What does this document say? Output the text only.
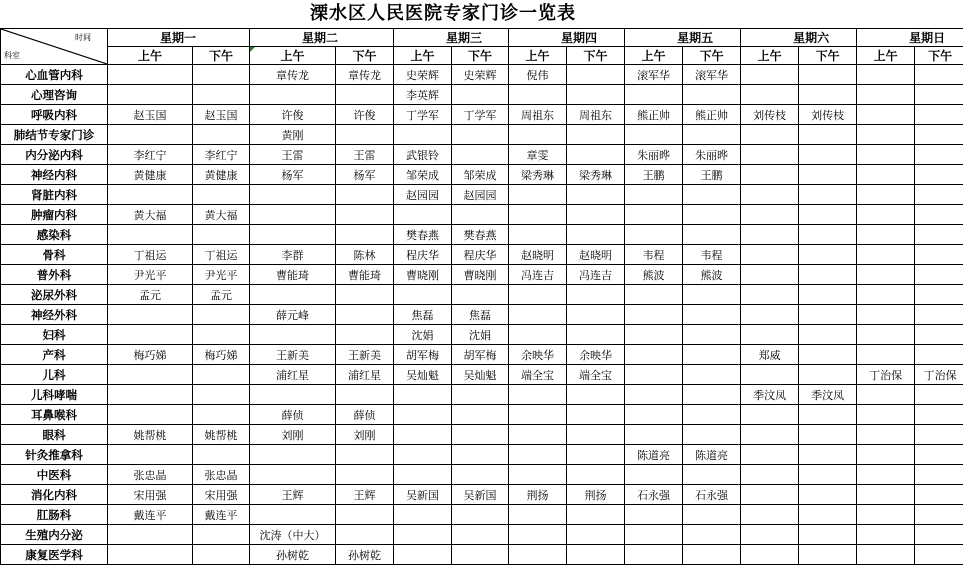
溧水区人民医院专家门诊一览表
时间
科室	星期一		星期二		星期三		星期四		星期五		星期六		星期日	
	上午	下午	上午	下午	上午	下午	上午	下午	上午	下午	上午	下午	上午	下午
心血管内科			章传龙	章传龙	史荣辉	史荣辉	倪伟		滚军华	滚军华				
心理咨询					李英辉									
呼吸内科	赵玉国	赵玉国	许俊	许俊	丁学军	丁学军	周祖东	周祖东	熊正帅	熊正帅	刘传枝	刘传枝		
肺结节专家门诊			黄刚											
内分泌内科	李红宁	李红宁	王雷	王雷	武银铃		章雯		朱丽晔	朱丽晔				
神经内科	黄健康	黄健康	杨军	杨军	邹荣成	邹荣成	梁秀琳	梁秀琳	王鹏	王鹏				
肾脏内科					赵园园	赵园园								
肿瘤内科	黄大福	黄大福												
感染科					樊春燕	樊春燕								
骨科	丁祖运	丁祖运	李群	陈林	程庆华	程庆华	赵晓明	赵晓明	韦程	韦程				
普外科	尹光平	尹光平	曹能琦	曹能琦	曹晓刚	曹晓刚	冯连吉	冯连吉	熊波	熊波				
泌尿外科	孟元	孟元												
神经外科			薛元峰		焦磊	焦磊								
妇科					沈娟	沈娟								
产科	梅巧娣	梅巧娣	王新美	王新美	胡军梅	胡军梅	余映华	余映华			郑威			
儿科			浦红星	浦红星	吴灿魁	吴灿魁	端全宝	端全宝					丁治保	丁治保
儿科哮喘											季汶凤	季汶凤		
耳鼻喉科			薛侦	薛侦										
眼科	姚帮桃	姚帮桃	刘刚	刘刚										
针灸推拿科									陈道亮	陈道亮				
中医科	张忠晶	张忠晶												
消化内科	宋用强	宋用强	王辉	王辉	吴新国	吴新国	荆扬	荆扬	石永强	石永强				
肛肠科	戴连平	戴连平												
生殖内分泌			沈涛（中大）											
康复医学科			孙树乾	孙树乾										
